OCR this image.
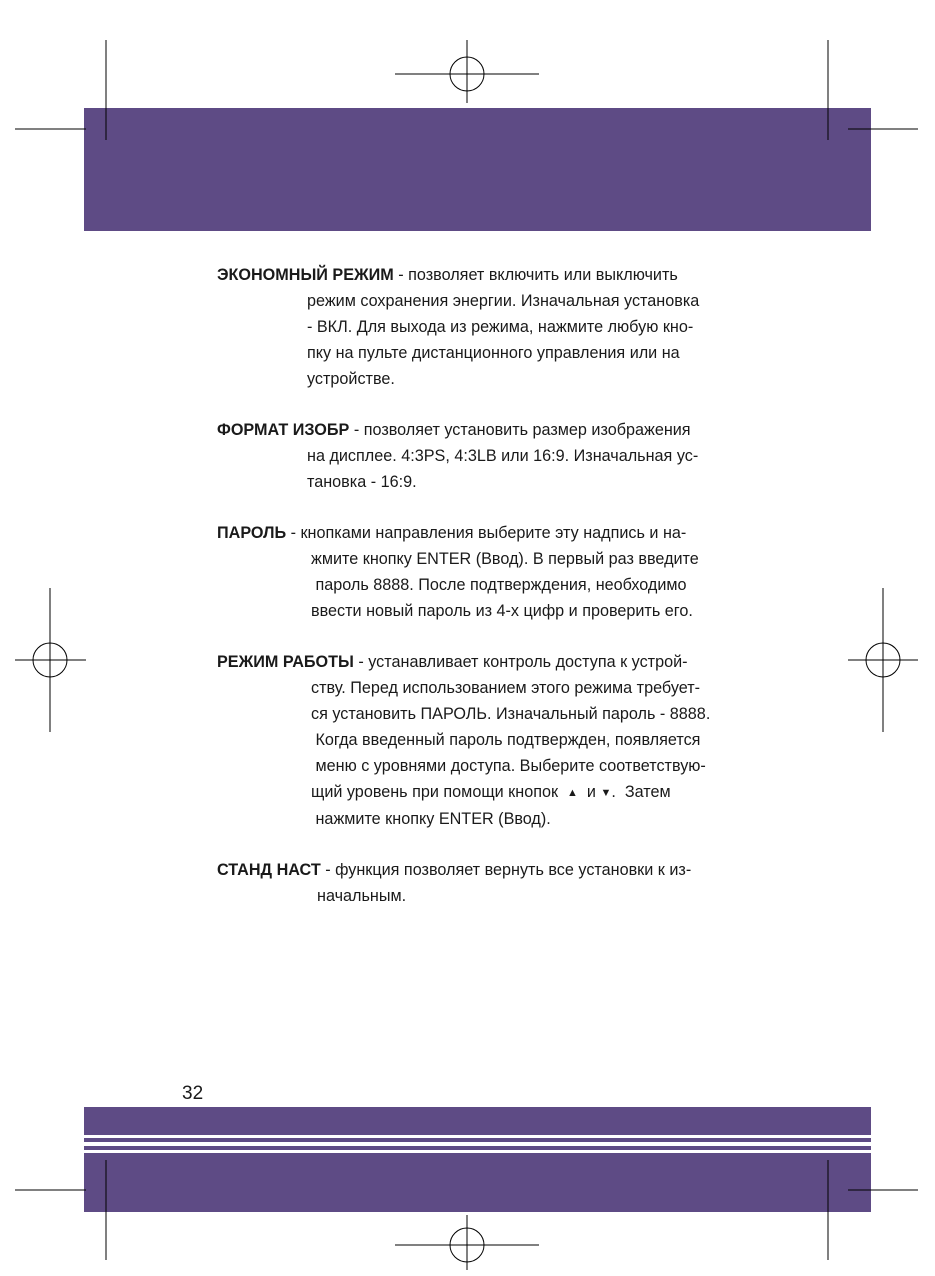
ЭКОНОМНЫЙ РЕЖИМ - позволяет включить или выключить
режим сохранения энергии. Изначальная установка
- ВКЛ. Для выхода из режима, нажмите любую кно-
пку на пульте дистанционного управления или на
устройстве.
ФОРМАТ ИЗОБР - позволяет установить размер изображения
на дисплее. 4:3PS, 4:3LB или 16:9. Изначальная ус-
тановка - 16:9.
ПАРОЛЬ - кнопками направления выберите эту надпись и на-
жмите кнопку ENTER (Ввод). В первый раз введите
пароль 8888. После подтверждения, необходимо
ввести новый пароль из 4-х цифр и проверить его.
РЕЖИМ РАБОТЫ - устанавливает контроль доступа к устрой-
ству. Перед использованием этого режима требует-
ся установить ПАРОЛЬ. Изначальный пароль - 8888.
Когда введенный пароль подтвержден, появляется
меню с уровнями доступа. Выберите соответствую-
щий уровень при помощи кнопок  ▲  и ▼.  Затем
нажмите кнопку ENTER (Ввод).
СТАНД НАСТ - функция позволяет вернуть все установки к из-
начальным.
32
